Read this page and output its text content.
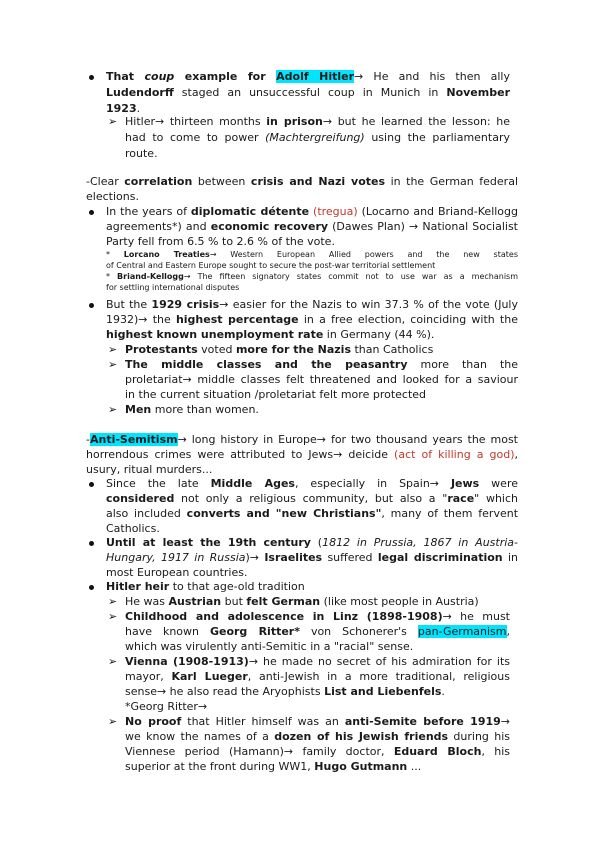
That coup example for Adolf Hitler→ He and his then ally
Ludendorff staged an unsuccessful coup in Munich in November
1923.
➢ Hitler→ thirteen months in prison→ but he learned the lesson: he
had to come to power (Machtergreifung) using the parliamentary
route.
-Clear correlation between crisis and Nazi votes in the German federal
elections.
In the years of diplomatic détente (tregua) (Locarno and Briand-Kellogg
agreements*) and economic recovery (Dawes Plan) → National Socialist
Party fell from 6.5 % to 2.6 % of the vote.
* Lorcano Treaties→ Western European Allied powers and the new states
of Central and Eastern Europe sought to secure the post-war territorial settlement
* Briand-Kellogg→ The fifteen signatory states commit not to use war as a mechanism
for settling international disputes
But the 1929 crisis→ easier for the Nazis to win 37.3 % of the vote (July
1932)→ the highest percentage in a free election, coinciding with the
highest known unemployment rate in Germany (44 %).
➢ Protestants voted more for the Nazis than Catholics
➢ The middle classes and the peasantry more than the
proletariat→ middle classes felt threatened and looked for a saviour
in the current situation /proletariat felt more protected
➢ Men more than women.
-Anti-Semitism→ long history in Europe→ for two thousand years the most
horrendous crimes were attributed to Jews→ deicide (act of killing a god),
usury, ritual murders...
Since the late Middle Ages, especially in Spain→ Jews were
considered not only a religious community, but also a "race" which
also included converts and "new Christians", many of them fervent
Catholics.
Until at least the 19th century (1812 in Prussia, 1867 in Austria-
Hungary, 1917 in Russia)→ Israelites suffered legal discrimination in
most European countries.
Hitler heir to that age-old tradition
➢ He was Austrian but felt German (like most people in Austria)
➢ Childhood and adolescence in Linz (1898-1908)→ he must
have known Georg Ritter* von Schonerer's pan-Germanism,
which was virulently anti-Semitic in a "racial" sense.
➢ Vienna (1908-1913)→ he made no secret of his admiration for its
mayor, Karl Lueger, anti-Jewish in a more traditional, religious
sense→ he also read the Aryophists List and Liebenfels.
*Georg Ritter→
➢ No proof that Hitler himself was an anti-Semite before 1919→
we know the names of a dozen of his Jewish friends during his
Viennese period (Hamann)→ family doctor, Eduard Bloch, his
superior at the front during WW1, Hugo Gutmann ...
